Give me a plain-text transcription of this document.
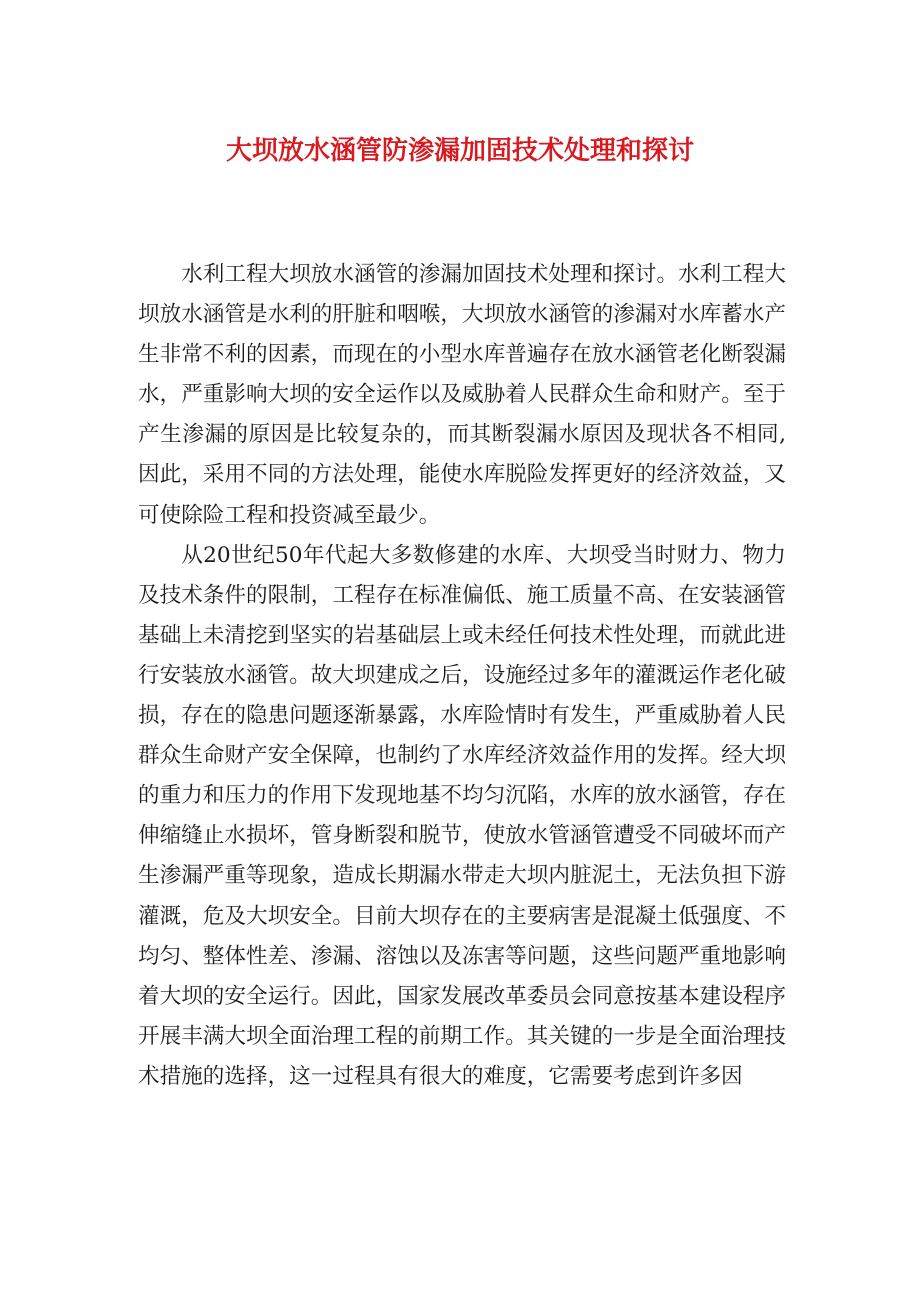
大坝放水涵管防渗漏加固技术处理和探讨

水利工程大坝放水涵管的渗漏加固技术处理和探讨。水利工程大坝放水涵管是水利的肝脏和咽喉，大坝放水涵管的渗漏对水库蓄水产生非常不利的因素，而现在的小型水库普遍存在放水涵管老化断裂漏水，严重影响大坝的安全运作以及威胁着人民群众生命和财产。至于产生渗漏的原因是比较复杂的，而其断裂漏水原因及现状各不相同,因此，采用不同的方法处理，能使水库脱险发挥更好的经济效益，又可使除险工程和投资减至最少。

从20世纪50年代起大多数修建的水库、大坝受当时财力、物力及技术条件的限制，工程存在标准偏低、施工质量不高、在安装涵管基础上未清挖到坚实的岩基础层上或未经任何技术性处理，而就此进行安装放水涵管。故大坝建成之后，设施经过多年的灌溉运作老化破损，存在的隐患问题逐渐暴露，水库险情时有发生，严重威胁着人民群众生命财产安全保障，也制约了水库经济效益作用的发挥。经大坝的重力和压力的作用下发现地基不均匀沉陷，水库的放水涵管，存在伸缩缝止水损坏，管身断裂和脱节，使放水管涵管遭受不同破坏而产生渗漏严重等现象，造成长期漏水带走大坝内脏泥土，无法负担下游灌溉，危及大坝安全。目前大坝存在的主要病害是混凝土低强度、不均匀、整体性差、渗漏、溶蚀以及冻害等问题，这些问题严重地影响着大坝的安全运行。因此，国家发展改革委员会同意按基本建设程序开展丰满大坝全面治理工程的前期工作。其关键的一步是全面治理技术措施的选择，这一过程具有很大的难度，它需要考虑到许多因
